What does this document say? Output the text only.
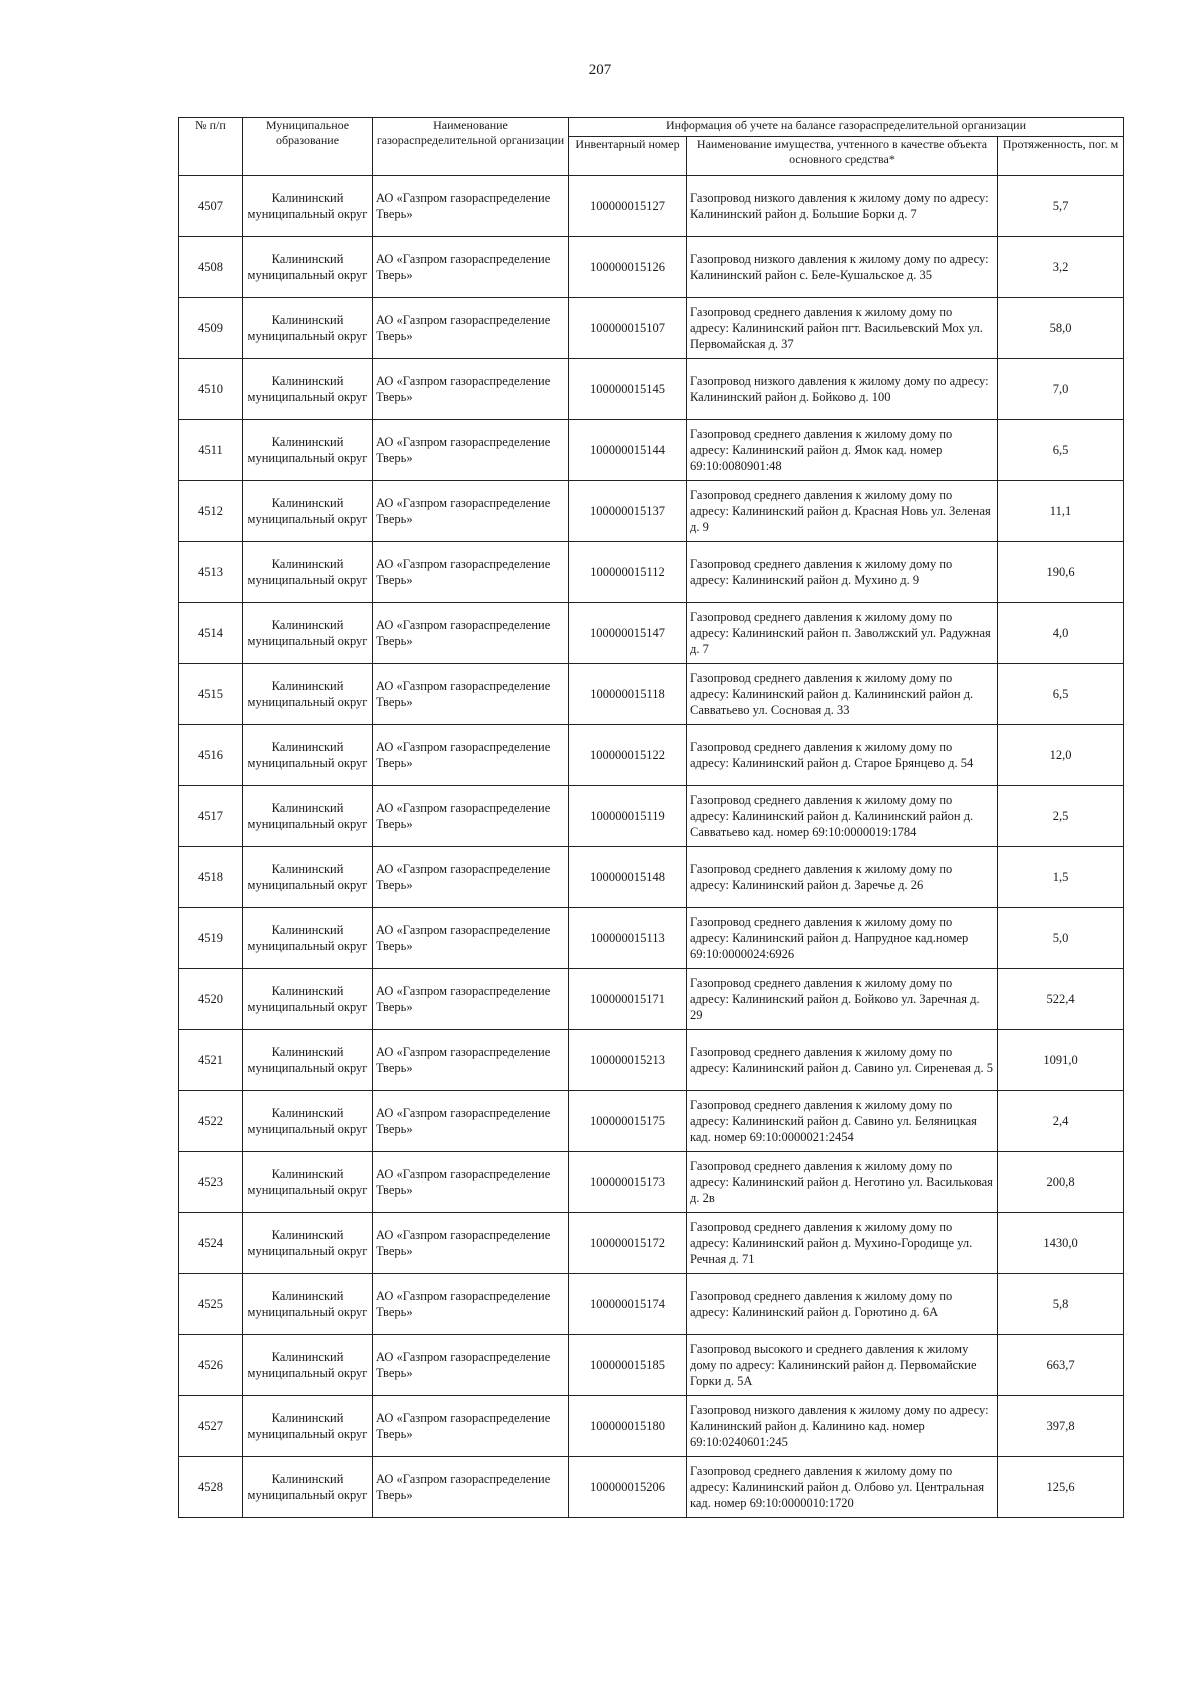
207
№ п/п	Муниципальное образование	Наименование газораспределительной организации	Информация об учете на балансе газораспределительной организации		
			Инвентарный номер	Наименование имущества, учтенного в качестве объекта основного средства*	Протяженность, пог. м
4507	Калининский муниципальный округ	АО «Газпром газораспределение Тверь»	100000015127	Газопровод низкого давления к жилому дому по адресу: Калининский район д. Большие Борки д. 7	5,7
4508	Калининский муниципальный округ	АО «Газпром газораспределение Тверь»	100000015126	Газопровод низкого давления к жилому дому по адресу: Калининский район с. Беле-Кушальское д. 35	3,2
4509	Калининский муниципальный округ	АО «Газпром газораспределение Тверь»	100000015107	Газопровод среднего давления к жилому дому по адресу: Калининский район пгт. Васильевский Мох ул. Первомайская д. 37	58,0
4510	Калининский муниципальный округ	АО «Газпром газораспределение Тверь»	100000015145	Газопровод низкого давления к жилому дому по адресу: Калининский район д. Бойково д. 100	7,0
4511	Калининский муниципальный округ	АО «Газпром газораспределение Тверь»	100000015144	Газопровод среднего давления к жилому дому по адресу: Калининский район д. Ямок кад. номер 69:10:0080901:48	6,5
4512	Калининский муниципальный округ	АО «Газпром газораспределение Тверь»	100000015137	Газопровод среднего давления к жилому дому по адресу: Калининский район д. Красная Новь ул. Зеленая д. 9	11,1
4513	Калининский муниципальный округ	АО «Газпром газораспределение Тверь»	100000015112	Газопровод среднего давления к жилому дому по адресу: Калининский район д. Мухино д. 9	190,6
4514	Калининский муниципальный округ	АО «Газпром газораспределение Тверь»	100000015147	Газопровод среднего давления к жилому дому по адресу: Калининский район п. Заволжский ул. Радужная д. 7	4,0
4515	Калининский муниципальный округ	АО «Газпром газораспределение Тверь»	100000015118	Газопровод среднего давления к жилому дому по адресу: Калининский район д. Калининский район д. Савватьево ул. Сосновая д. 33	6,5
4516	Калининский муниципальный округ	АО «Газпром газораспределение Тверь»	100000015122	Газопровод среднего давления к жилому дому по адресу: Калининский район д. Старое Брянцево д. 54	12,0
4517	Калининский муниципальный округ	АО «Газпром газораспределение Тверь»	100000015119	Газопровод среднего давления к жилому дому по адресу: Калининский район д. Калининский район д. Савватьево кад. номер 69:10:0000019:1784	2,5
4518	Калининский муниципальный округ	АО «Газпром газораспределение Тверь»	100000015148	Газопровод среднего давления к жилому дому по адресу: Калининский район д. Заречье д. 26	1,5
4519	Калининский муниципальный округ	АО «Газпром газораспределение Тверь»	100000015113	Газопровод среднего давления к жилому дому по адресу: Калининский район д. Напрудное кад.номер 69:10:0000024:6926	5,0
4520	Калининский муниципальный округ	АО «Газпром газораспределение Тверь»	100000015171	Газопровод среднего давления к жилому дому по адресу: Калининский район д. Бойково ул. Заречная д. 29	522,4
4521	Калининский муниципальный округ	АО «Газпром газораспределение Тверь»	100000015213	Газопровод среднего давления к жилому дому по адресу: Калининский район д. Савино ул. Сиреневая д. 5	1091,0
4522	Калининский муниципальный округ	АО «Газпром газораспределение Тверь»	100000015175	Газопровод среднего давления к жилому дому по адресу: Калининский район д. Савино ул. Беляницкая кад. номер 69:10:0000021:2454	2,4
4523	Калининский муниципальный округ	АО «Газпром газораспределение Тверь»	100000015173	Газопровод среднего давления к жилому дому по адресу: Калининский район д. Неготино ул. Васильковая д. 2в	200,8
4524	Калининский муниципальный округ	АО «Газпром газораспределение Тверь»	100000015172	Газопровод среднего давления к жилому дому по адресу: Калининский район д. Мухино-Городище ул. Речная д. 71	1430,0
4525	Калининский муниципальный округ	АО «Газпром газораспределение Тверь»	100000015174	Газопровод среднего давления к жилому дому по адресу: Калининский район д. Горютино д. 6А	5,8
4526	Калининский муниципальный округ	АО «Газпром газораспределение Тверь»	100000015185	Газопровод высокого и среднего давления к жилому дому по адресу: Калининский район д. Первомайские Горки д. 5А	663,7
4527	Калининский муниципальный округ	АО «Газпром газораспределение Тверь»	100000015180	Газопровод низкого давления к жилому дому по адресу: Калининский район д. Калинино кад. номер 69:10:0240601:245	397,8
4528	Калининский муниципальный округ	АО «Газпром газораспределение Тверь»	100000015206	Газопровод среднего давления к жилому дому по адресу: Калининский район д. Олбово ул. Центральная кад. номер 69:10:0000010:1720	125,6
